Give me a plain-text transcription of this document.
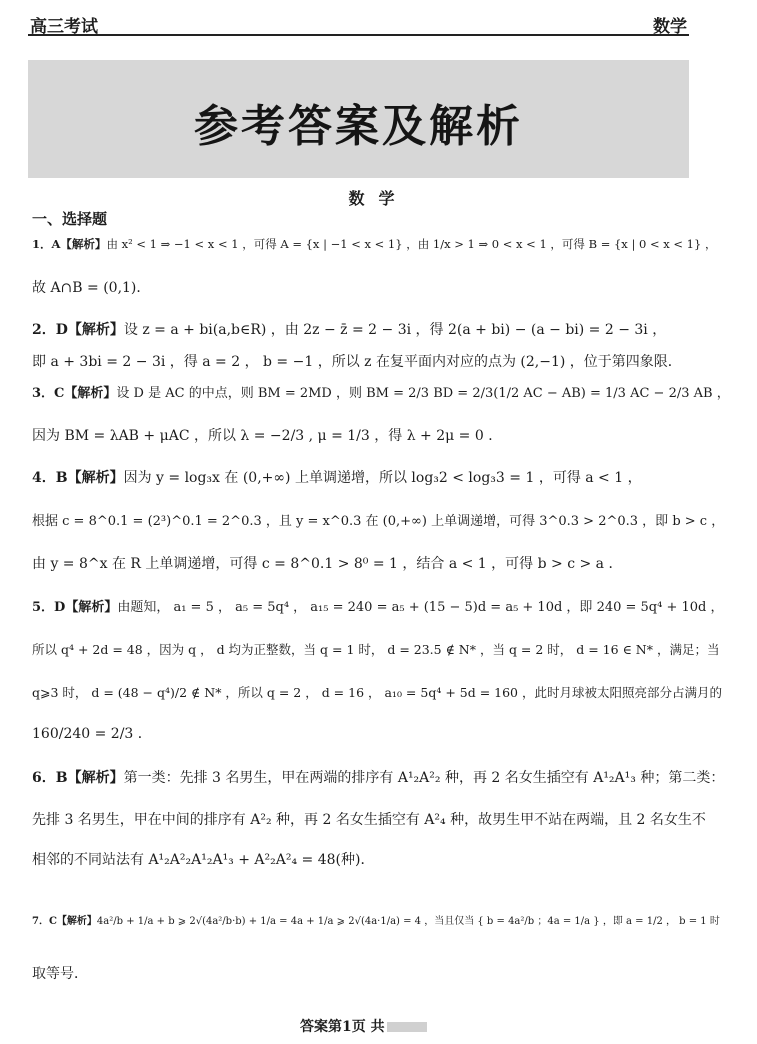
高三考试	数学
参考答案及解析
数学
一、选择题
1．A【解析】由 x² < 1 ⇒ −1 < x < 1 ，可得 A = {x | −1 < x < 1} ，由 1/x > 1 ⇒ 0 < x < 1 ，可得 B = {x | 0 < x < 1} ，
故 A∩B = (0,1)．
2．D【解析】设 z = a + bi(a,b∈R) ，由 2z − z̄ = 2 − 3i ，得 2(a + bi) − (a − bi) = 2 − 3i ，
即 a + 3bi = 2 − 3i ，得 a = 2 ， b = −1 ，所以 z 在复平面内对应的点为 (2,−1) ，位于第四象限．
3．C【解析】设 D 是 AC 的中点，则 BM = 2MD ，则 BM = 2/3 BD = 2/3(1/2 AC − AB) = 1/3 AC − 2/3 AB ，
因为 BM = λAB + μAC ，所以 λ = −2/3 , μ = 1/3 ，得 λ + 2μ = 0 ．
4．B【解析】因为 y = log₃x 在 (0,+∞) 上单调递增，所以 log₃2 < log₃3 = 1 ，可得 a < 1 ，
根据 c = 8^0.1 = (2³)^0.1 = 2^0.3 ，且 y = x^0.3 在 (0,+∞) 上单调递增，可得 3^0.3 > 2^0.3 ，即 b > c ，
由 y = 8^x 在 R 上单调递增，可得 c = 8^0.1 > 8⁰ = 1 ，结合 a < 1 ，可得 b > c > a ．
5．D【解析】由题知， a₁ = 5 ， a₅ = 5q⁴ ， a₁₅ = 240 = a₅ + (15 − 5)d = a₅ + 10d ，即 240 = 5q⁴ + 10d ，
所以 q⁴ + 2d = 48 ，因为 q ， d 均为正整数，当 q = 1 时， d = 23.5 ∉ N* ，当 q = 2 时， d = 16 ∈ N* ，满足；当
q⩾3 时， d = (48 − q⁴)/2 ∉ N* ，所以 q = 2 ， d = 16 ， a₁₀ = 5q⁴ + 5d = 160 ，此时月球被太阳照亮部分占满月的
160/240 = 2/3 ．
6．B【解析】第一类：先排 3 名男生，甲在两端的排序有 A¹₂A²₂ 种，再 2 名女生插空有 A¹₂A¹₃ 种；第二类：
先排 3 名男生，甲在中间的排序有 A²₂ 种，再 2 名女生插空有 A²₄ 种，故男生甲不站在两端，且 2 名女生不
相邻的不同站法有 A¹₂A²₂A¹₂A¹₃ + A²₂A²₄ = 48(种)．
7．C【解析】4a²/b + 1/a + b ⩾ 2√(4a²/b·b) + 1/a = 4a + 1/a ⩾ 2√(4a·1/a) = 4 ，当且仅当 { b = 4a²/b ；4a = 1/a } ，即 a = 1/2 ， b = 1 时
取等号．
答案第1页 共
